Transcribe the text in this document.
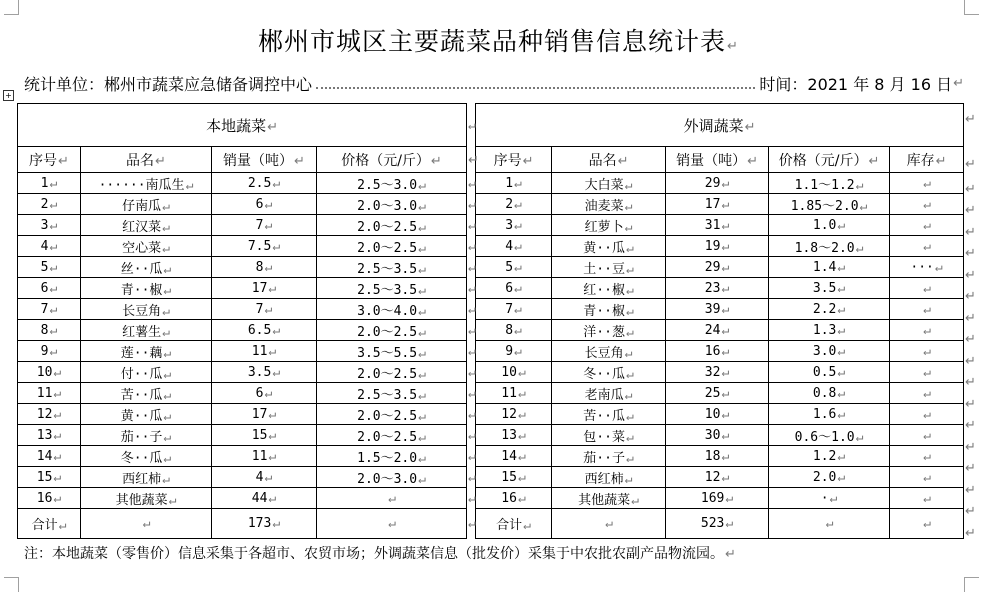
郴州市城区主要蔬菜品种销售信息统计表↵
统计单位：郴州市蔬菜应急储备调控中心	时间：2021 年 8 月 16 日 ↵
+
本地蔬菜↵				↵	外调蔬菜↵				
序号↵	品名↵	销量（吨）↵	价格（元/斤）↵	↵	序号↵	品名↵	销量（吨）↵	价格（元/斤）↵	库存↵
1↵	······南瓜生↵	2.5↵	2.5～3.0↵	↵	1↵	大白菜↵	29↵	1.1～1.2↵	↵
2↵	仔南瓜↵	6↵	2.0～3.0↵	↵	2↵	油麦菜↵	17↵	1.85～2.0↵	↵
3↵	红汉菜↵	7↵	2.0～2.5↵	↵	3↵	红萝卜↵	31↵	1.0↵	↵
4↵	空心菜↵	7.5↵	2.0～2.5↵	↵	4↵	黄··瓜↵	19↵	1.8～2.0↵	↵
5↵	丝··瓜↵	8↵	2.5～3.5↵	↵	5↵	土··豆↵	29↵	1.4↵	···↵
6↵	青··椒↵	17↵	2.5～3.5↵	↵	6↵	红··椒↵	23↵	3.5↵	↵
7↵	长豆角↵	7↵	3.0～4.0↵	↵	7↵	青··椒↵	39↵	2.2↵	↵
8↵	红薯生↵	6.5↵	2.0～2.5↵	↵	8↵	洋··葱↵	24↵	1.3↵	↵
9↵	莲··藕↵	11↵	3.5～5.5↵	↵	9↵	长豆角↵	16↵	3.0↵	↵
10↵	付··瓜↵	3.5↵	2.0～2.5↵	↵	10↵	冬··瓜↵	32↵	0.5↵	↵
11↵	苦··瓜↵	6↵	2.5～3.5↵	↵	11↵	老南瓜↵	25↵	0.8↵	↵
12↵	黄··瓜↵	17↵	2.0～2.5↵	↵	12↵	苦··瓜↵	10↵	1.6↵	↵
13↵	茄··子↵	15↵	2.0～2.5↵	↵	13↵	包··菜↵	30↵	0.6～1.0↵	↵
14↵	冬··瓜↵	11↵	1.5～2.0↵	↵	14↵	茄··子↵	18↵	1.2↵	↵
15↵	西红柿↵	4↵	2.0～3.0↵	↵	15↵	西红柿↵	12↵	2.0↵	↵
16↵	其他蔬菜↵	44↵	↵	↵	16↵	其他蔬菜↵	169↵	·↵	↵
合计↵	↵	173↵	↵	↵	合计↵	↵	523↵	↵	↵
注：本地蔬菜（零售价）信息采集于各超市、农贸市场；外调蔬菜信息（批发价）采集于中农批农副产品物流园。↵
↵
↵
↵
↵
↵
↵
↵
↵
↵
↵
↵
↵
↵
↵
↵
↵
↵
↵
↵
